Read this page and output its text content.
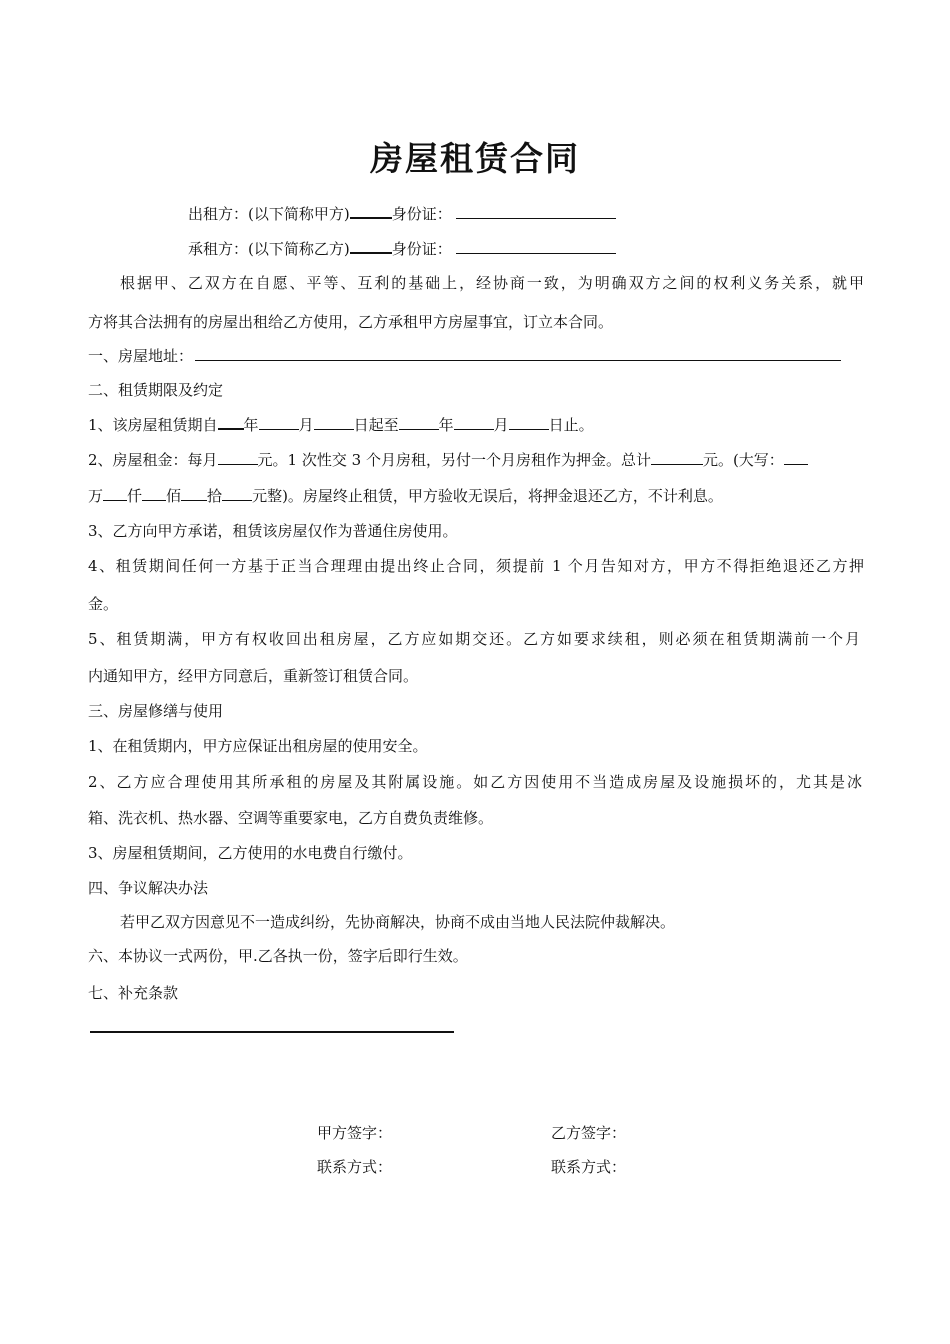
房屋租赁合同
出租方：(以下简称甲方)	身份证：
承租方：(以下简称乙方)	身份证：
根据甲、乙双方在自愿、平等、互利的基础上，经协商一致，为明确双方之间的权利义务关系，就甲
方将其合法拥有的房屋出租给乙方使用，乙方承租甲方房屋事宜，订立本合同。
一、房屋地址：
二、租赁期限及约定
1、该房屋租赁期自 年	月	日起至	年	月	日止。
2、房屋租金：每月	元。1 次性交 3 个月房租，另付一个月房租作为押金。总计	元。(大写：
万 仟 佰 拾 元整)。房屋终止租赁，甲方验收无误后，将押金退还乙方，不计利息。
3、乙方向甲方承诺，租赁该房屋仅作为普通住房使用。
4、租赁期间任何一方基于正当合理理由提出终止合同，须提前 1 个月告知对方，甲方不得拒绝退还乙方押
金。
5、租赁期满，甲方有权收回出租房屋，乙方应如期交还。乙方如要求续租，则必须在租赁期满前一个月
内通知甲方，经甲方同意后，重新签订租赁合同。
三、房屋修缮与使用
1、在租赁期内，甲方应保证出租房屋的使用安全。
2、乙方应合理使用其所承租的房屋及其附属设施。如乙方因使用不当造成房屋及设施损坏的，尤其是冰
箱、洗衣机、热水器、空调等重要家电，乙方自费负责维修。
3、房屋租赁期间，乙方使用的水电费自行缴付。
四、争议解决办法
若甲乙双方因意见不一造成纠纷，先协商解决，协商不成由当地人民法院仲裁解决。
六、本协议一式两份，甲.乙各执一份，签字后即行生效。
七、补充条款
甲方签字：	乙方签字：
联系方式：	联系方式：
